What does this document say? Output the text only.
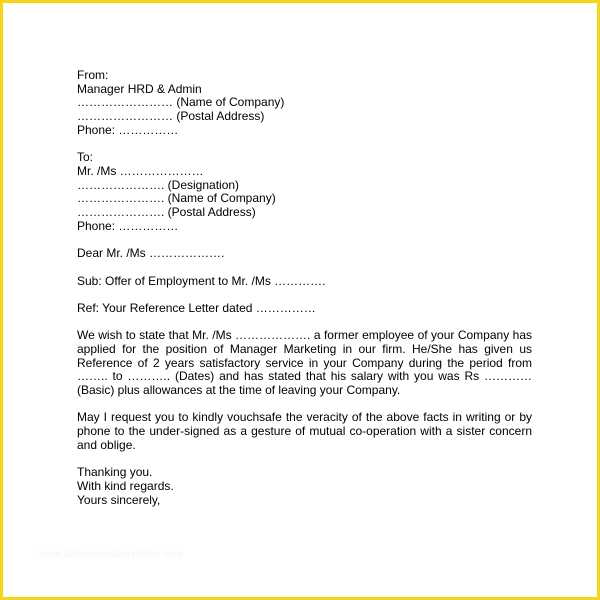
From:
Manager HRD & Admin
…………………… (Name of Company)
…………………… (Postal Address)
Phone: ……………
To:
Mr. /Ms …………………
…………………. (Designation)
…………………. (Name of Company)
…………………. (Postal Address)
Phone: ……………
Dear Mr. /Ms ……………….
Sub: Offer of Employment to Mr. /Ms ………….
Ref: Your Reference Letter dated ……………
We wish to state that Mr. /Ms ………………. a former employee of your Company has applied for the position of Manager Marketing in our firm. He/She has given us Reference of 2 years satisfactory service in your Company during the period from …….. to ……….. (Dates) and has stated that his salary with you was Rs ………… (Basic) plus allowances at the time of leaving your Company.
May I request you to kindly vouchsafe the veracity of the above facts in writing or by phone to the under-signed as a gesture of mutual co-operation with a sister concern and oblige.
Thanking you.
With kind regards.
Yours sincerely,
www.allbusinesstemplates.com
